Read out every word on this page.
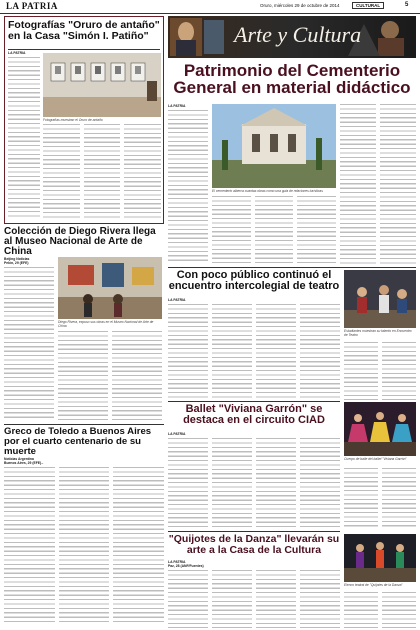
LA PATRIA	Oruro, miércoles 29 de octubre de 2014	CULTURAL	5
Fotografías "Oruro de antaño" en la Casa "Simón I. Patiño"
LA PATRIA
Fotografías muestran el Oruro de antaño
Colección de Diego Rivera llega al Museo Nacional de Arte de China
Beijing Noticias
Pekín, 29 (EFE)
Diego Rivera, expuso sus obras en el Museo Nacional de Arte de China
Greco de Toledo a Buenos Aires por el cuarto centenario de su muerte
Noticias Argentina
Buenos Aires, 29 (EFE).-
Arte y Cultura
Patrimonio del Cementerio General en material didáctico
LA PATRIA
El cementerio alberca cuantas obras como una guía de relaciones turísticas
Con poco público continuó el encuentro intercolegial de teatro
LA PATRIA
Estudiantes muestran su talento en Encuentro de Teatro
Ballet "Viviana Garrón" se destaca en el circuito CIAD
LA PATRIA
Cuerpo de baile del ballet "Viviana Garrón"
"Quijotes de la Danza" llevarán su arte a la Casa de la Cultura
LA PATRIA
Paz, 28 (ANF/Fuentes)
Elenco teatral de "Quijotes de la Danza"
